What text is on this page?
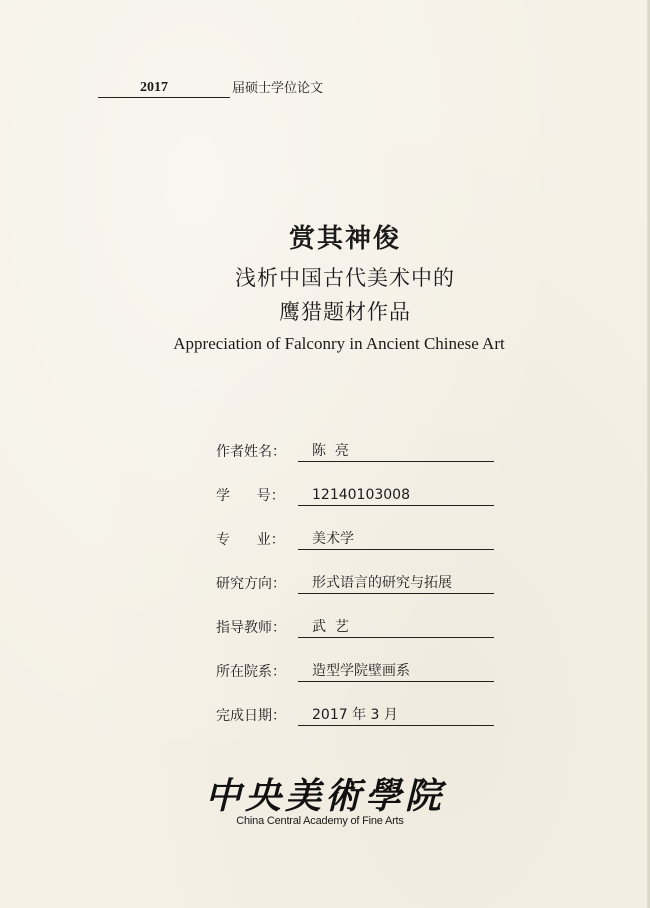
2017	届硕士学位论文
赏其神俊
浅析中国古代美术中的
鹰猎题材作品
Appreciation of Falconry in Ancient Chinese Art
作者姓名：	陈  亮
学      号：	12140103008
专      业：	美术学
研究方向：	形式语言的研究与拓展
指导教师：	武  艺
所在院系：	造型学院壁画系
完成日期：	2017 年 3 月
中央美術學院
China Central Academy of Fine Arts
